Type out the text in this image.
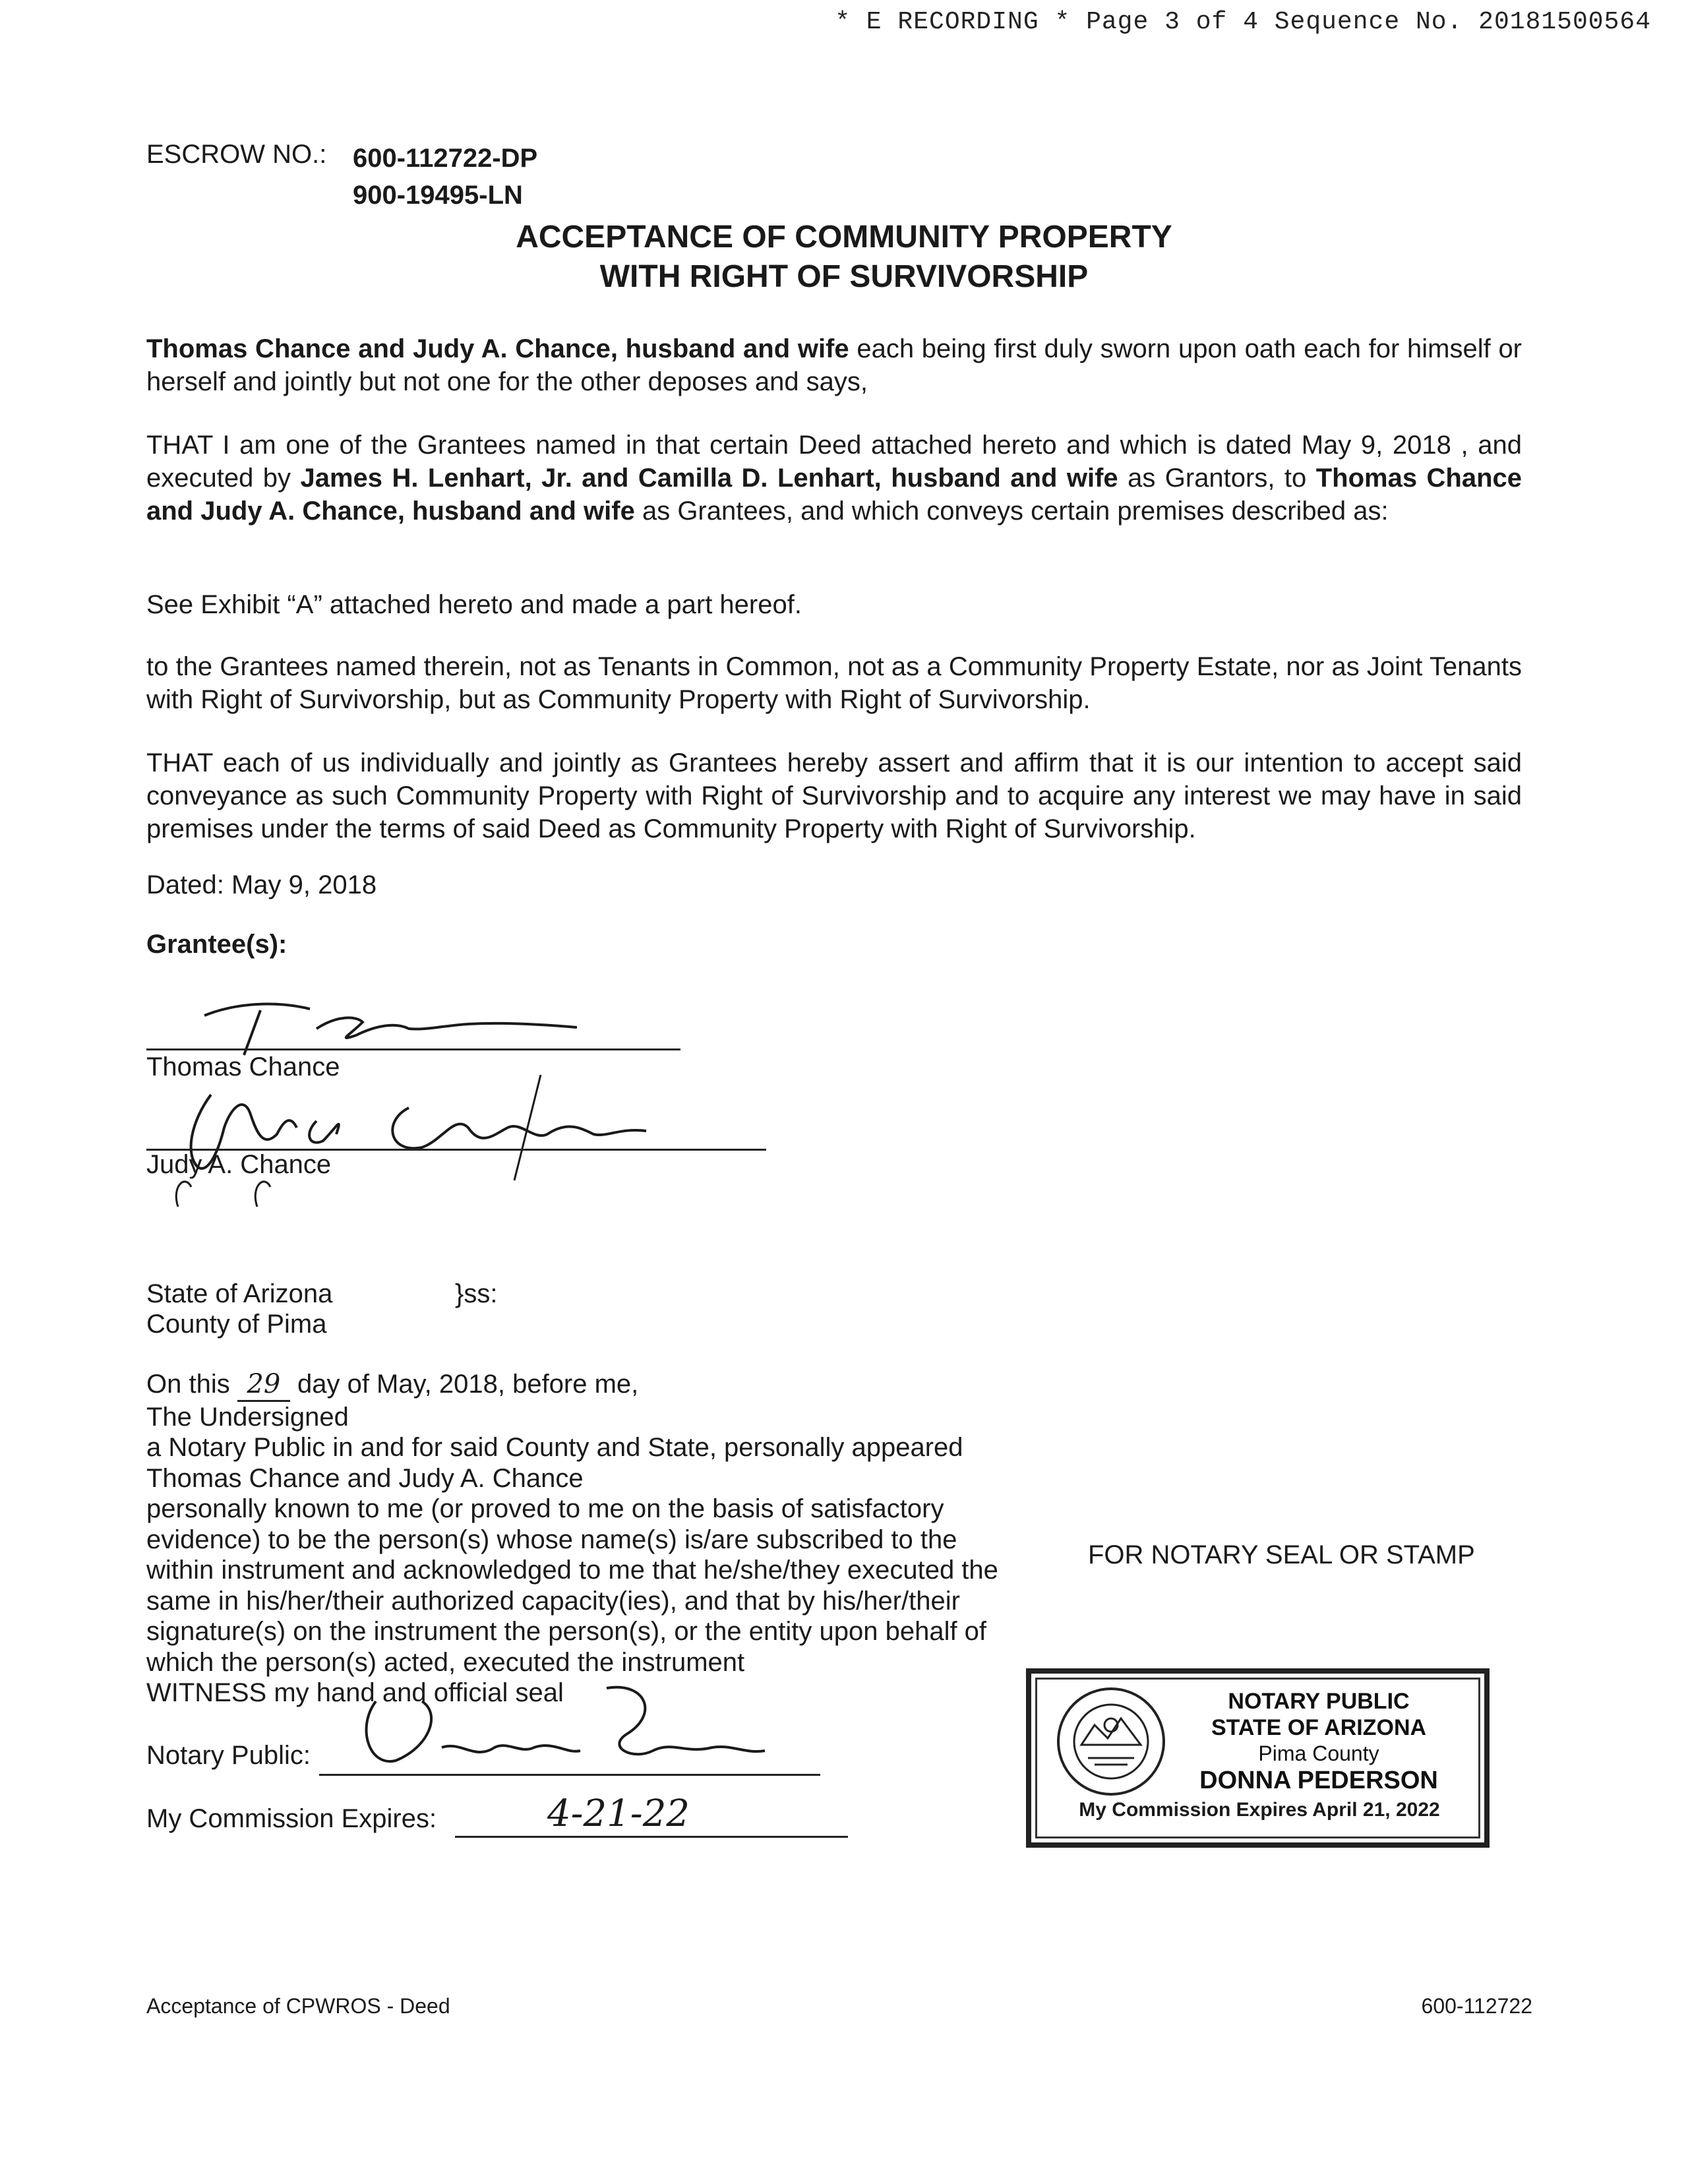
* E RECORDING * Page 3 of 4 Sequence No. 20181500564
ESCROW NO.: 600-112722-DP
900-19495-LN
ACCEPTANCE OF COMMUNITY PROPERTY
WITH RIGHT OF SURVIVORSHIP

Thomas Chance and Judy A. Chance, husband and wife each being first duly sworn upon oath each for himself or herself and jointly but not one for the other deposes and says,

THAT I am one of the Grantees named in that certain Deed attached hereto and which is dated May 9, 2018 , and executed by James H. Lenhart, Jr. and Camilla D. Lenhart, husband and wife as Grantors, to Thomas Chance and Judy A. Chance, husband and wife as Grantees, and which conveys certain premises described as:

See Exhibit “A” attached hereto and made a part hereof.

to the Grantees named therein, not as Tenants in Common, not as a Community Property Estate, nor as Joint Tenants with Right of Survivorship, but as Community Property with Right of Survivorship.

THAT each of us individually and jointly as Grantees hereby assert and affirm that it is our intention to accept said conveyance as such Community Property with Right of Survivorship and to acquire any interest we may have in said premises under the terms of said Deed as Community Property with Right of Survivorship.

Dated: May 9, 2018
Grantee(s):
Thomas Chance
Judy A. Chance
State of Arizona	}ss:
County of Pima
On this 29 day of May, 2018, before me,
The Undersigned
a Notary Public in and for said County and State, personally appeared
Thomas Chance and Judy A. Chance
personally known to me (or proved to me on the basis of satisfactory
evidence) to be the person(s) whose name(s) is/are subscribed to the
within instrument and acknowledged to me that he/she/they executed the
same in his/her/their authorized capacity(ies), and that by his/her/their
signature(s) on the instrument the person(s), or the entity upon behalf of
which the person(s) acted, executed the instrument
WITNESS my hand and official seal
Notary Public:
My Commission Expires:	4-21-22
FOR NOTARY SEAL OR STAMP
NOTARY PUBLIC
STATE OF ARIZONA
Pima County
DONNA PEDERSON
My Commission Expires April 21, 2022
Acceptance of CPWROS - Deed	600-112722
